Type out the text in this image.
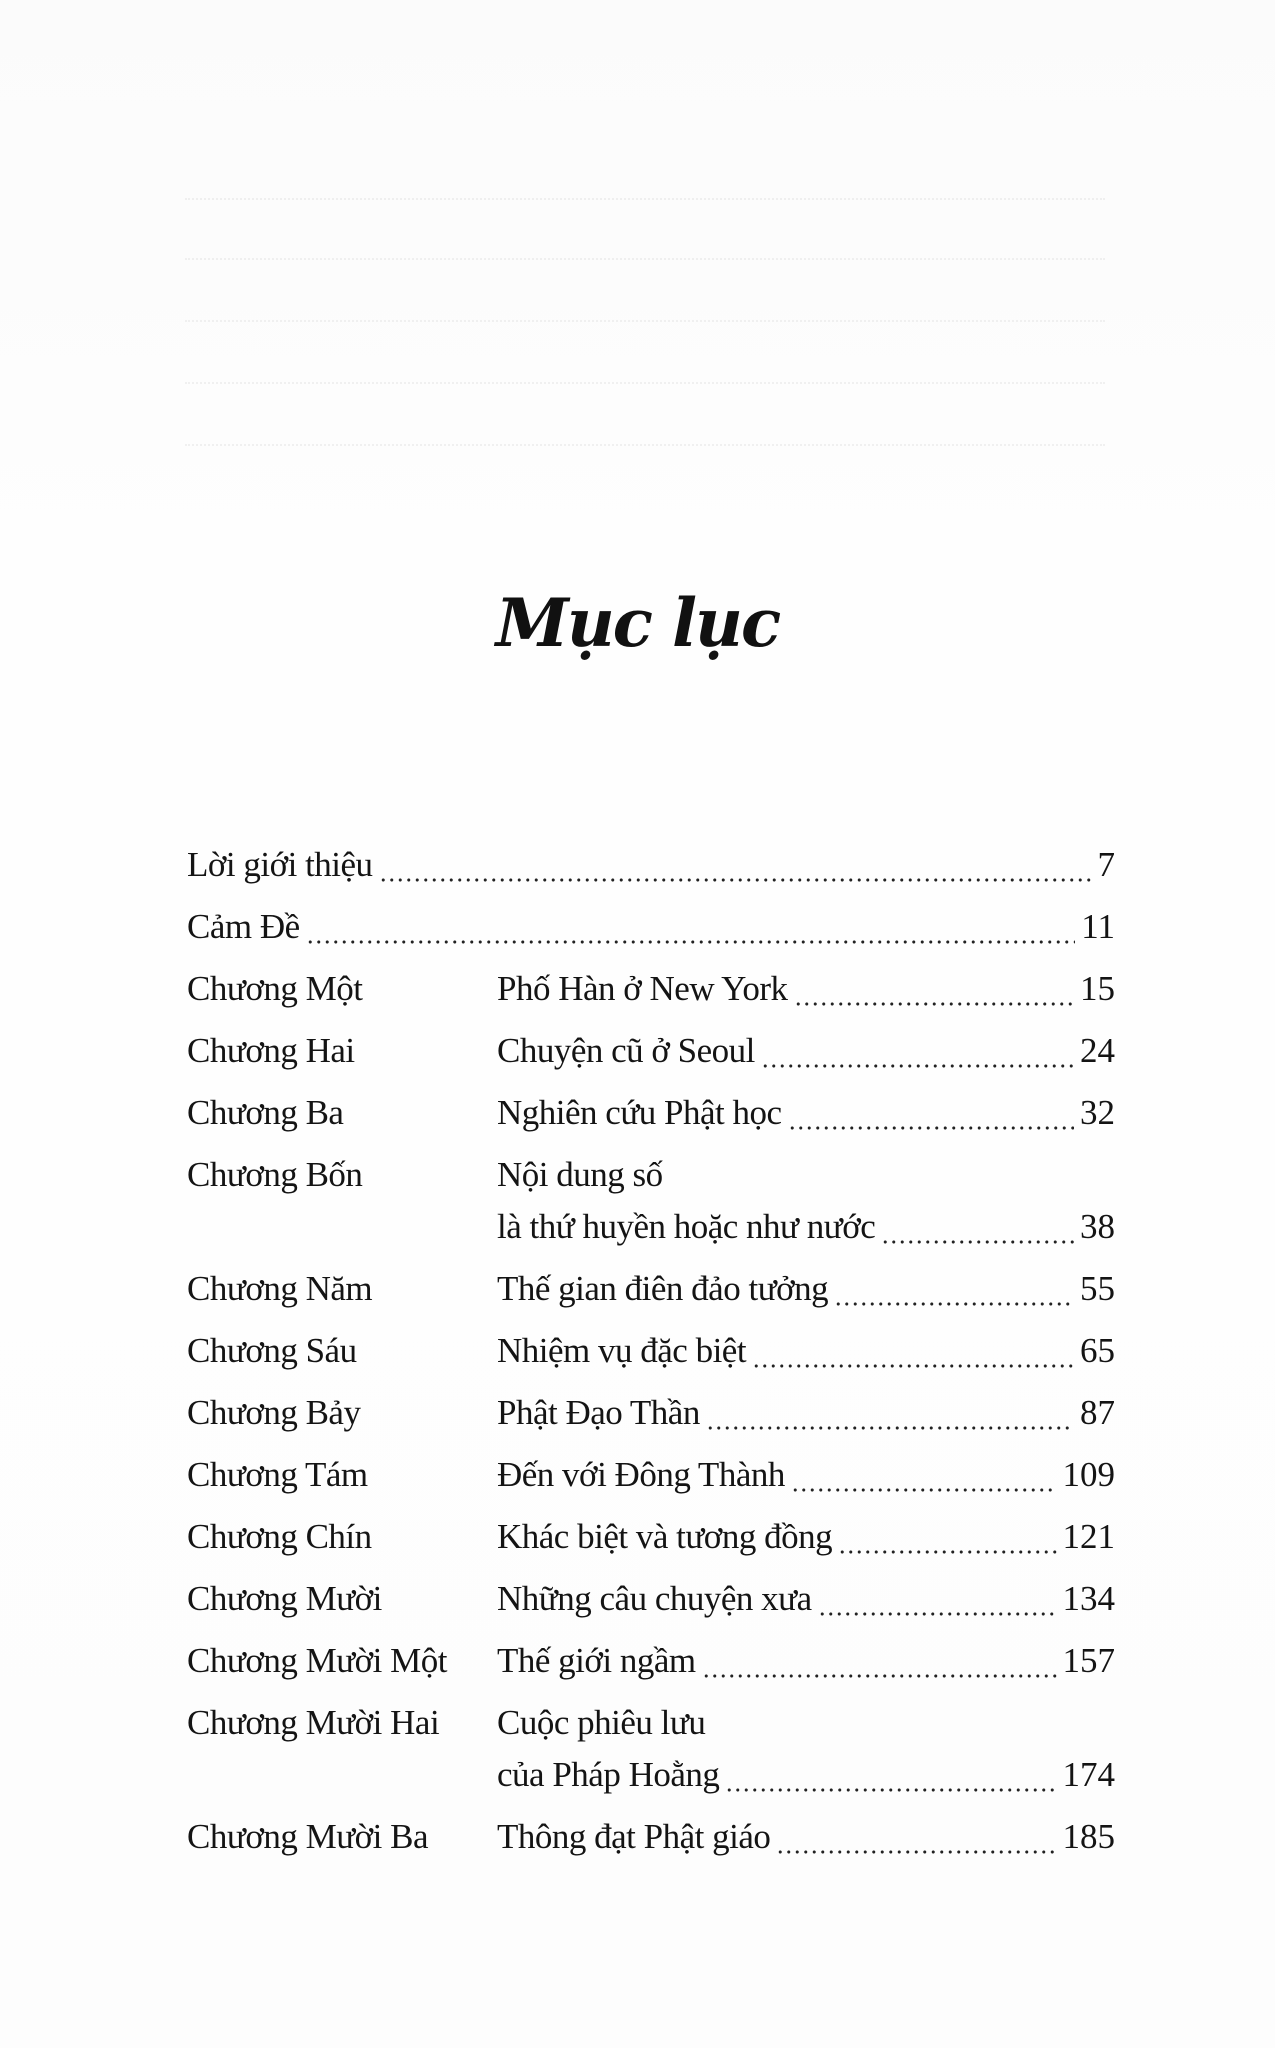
Mục lục
Lời giới thiệu	7
Cảm Đề	11
Chương Một	Phố Hàn ở New York	15
Chương Hai	Chuyện cũ ở Seoul	24
Chương Ba	Nghiên cứu Phật học	32
Chương Bốn	Nội dung số
là thứ huyền hoặc như nước	38
Chương Năm	Thế gian điên đảo tưởng	55
Chương Sáu	Nhiệm vụ đặc biệt	65
Chương Bảy	Phật Đạo Thần	87
Chương Tám	Đến với Đông Thành	109
Chương Chín	Khác biệt và tương đồng	121
Chương Mười	Những câu chuyện xưa	134
Chương Mười Một	Thế giới ngầm	157
Chương Mười Hai	Cuộc phiêu lưu
của Pháp Hoằng	174
Chương Mười Ba	Thông đạt Phật giáo	185
